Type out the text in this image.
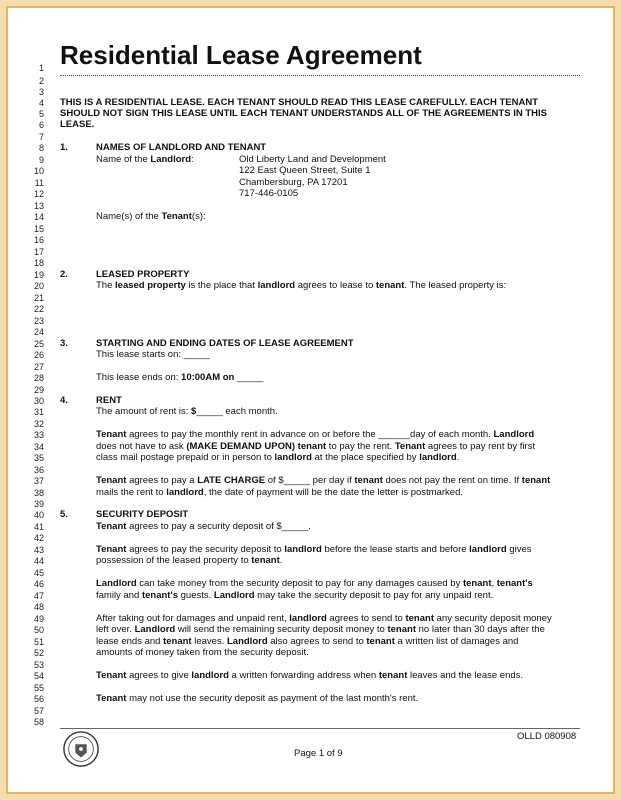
Residential Lease Agreement
1
2
3
4 THIS IS A RESIDENTIAL LEASE. EACH TENANT SHOULD READ THIS LEASE CAREFULLY. EACH TENANT
5 SHOULD NOT SIGN THIS LEASE UNTIL EACH TENANT UNDERSTANDS ALL OF THE AGREEMENTS IN THIS
6 LEASE.
7
8 1.	NAMES OF LANDLORD AND TENANT
9	Name of the Landlord:	Old Liberty Land and Development
10	122 East Queen Street, Suite 1
11	Chambersburg, PA 17201
12	717-446-0105
13
14	Name(s) of the Tenant(s):
15
16
17
18
19 2.	LEASED PROPERTY
20	The leased property is the place that landlord agrees to lease to tenant. The leased property is:
21
22
23
24
25 3.	STARTING AND ENDING DATES OF LEASE AGREEMENT
26	This lease starts on: _____
27
28	This lease ends on: 10:00AM on _____
29
30 4.	RENT
31	The amount of rent is: $_____ each month.
32
33	Tenant agrees to pay the monthly rent in advance on or before the ______day of each month. Landlord
34	does not have to ask (MAKE DEMAND UPON) tenant to pay the rent. Tenant agrees to pay rent by first
35	class mail postage prepaid or in person to landlord at the place specified by landlord.
36
37	Tenant agrees to pay a LATE CHARGE of $_____ per day if tenant does not pay the rent on time. If tenant
38	mails the rent to landlord, the date of payment will be the date the letter is postmarked.
39
40 5.	SECURITY DEPOSIT
41	Tenant agrees to pay a security deposit of $_____.
42
43	Tenant agrees to pay the security deposit to landlord before the lease starts and before landlord gives
44	possession of the leased property to tenant.
45
46	Landlord can take money from the security deposit to pay for any damages caused by tenant, tenant's
47	family and tenant's guests. Landlord may take the security deposit to pay for any unpaid rent.
48
49	After taking out for damages and unpaid rent, landlord agrees to send to tenant any security deposit money
50	left over. Landlord will send the remaining security deposit money to tenant no later than 30 days after the
51	lease ends and tenant leaves. Landlord also agrees to send to tenant a written list of damages and
52	amounts of money taken from the security deposit.
53
54	Tenant agrees to give landlord a written forwarding address when tenant leaves and the lease ends.
55
56	Tenant may not use the security deposit as payment of the last month's rent.
57
58
OLLD 080908
Page 1 of 9
